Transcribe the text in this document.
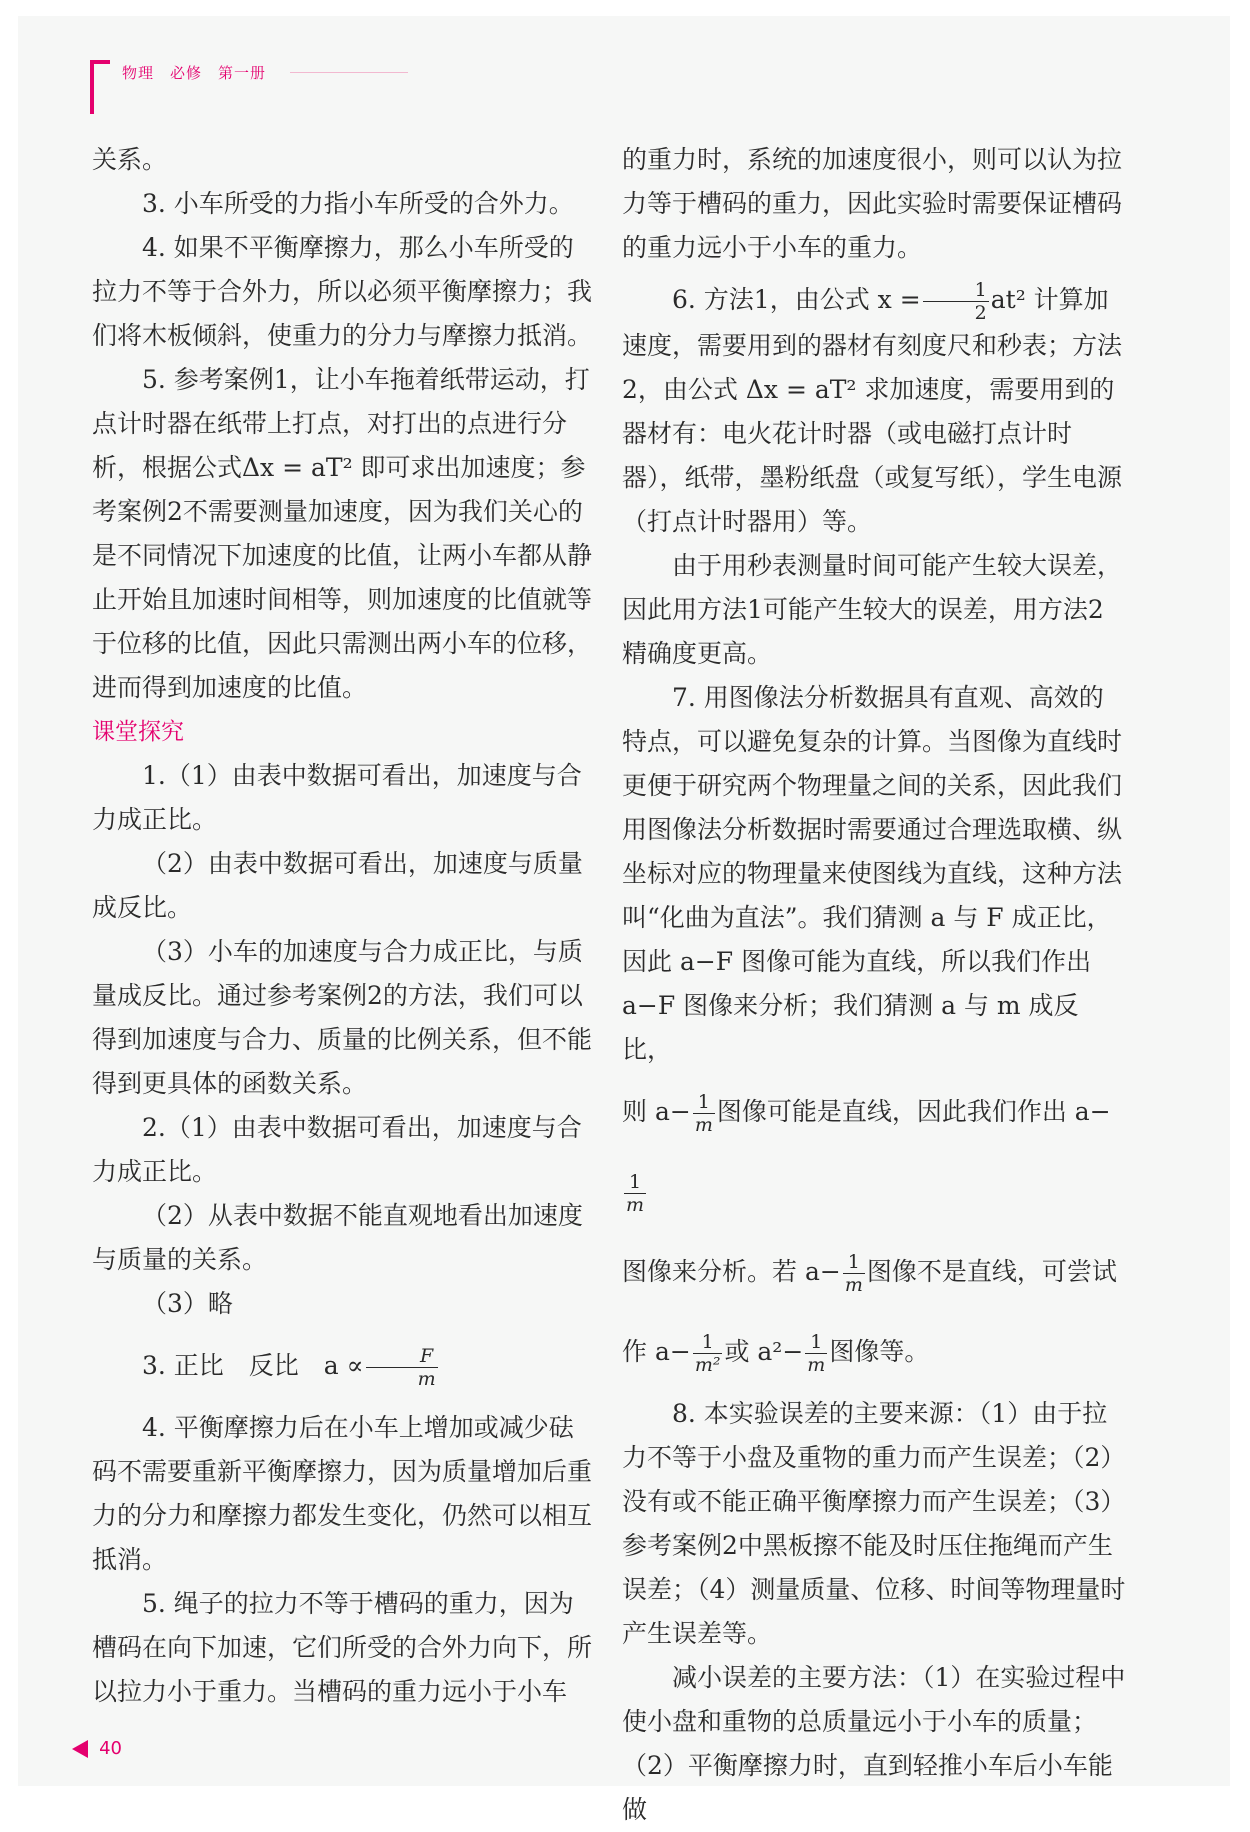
物理　必修　第一册

关系。

3. 小车所受的力指小车所受的合外力。

4. 如果不平衡摩擦力，那么小车所受的拉力不等于合外力，所以必须平衡摩擦力；我们将木板倾斜，使重力的分力与摩擦力抵消。

5. 参考案例1，让小车拖着纸带运动，打点计时器在纸带上打点，对打出的点进行分析，根据公式Δx = aT² 即可求出加速度；参考案例2不需要测量加速度，因为我们关心的是不同情况下加速度的比值，让两小车都从静止开始且加速时间相等，则加速度的比值就等于位移的比值，因此只需测出两小车的位移，进而得到加速度的比值。

课堂探究

1.（1）由表中数据可看出，加速度与合力成正比。

（2）由表中数据可看出，加速度与质量成反比。

（3）小车的加速度与合力成正比，与质量成反比。通过参考案例2的方法，我们可以得到加速度与合力、质量的比例关系，但不能得到更具体的函数关系。

2.（1）由表中数据可看出，加速度与合力成正比。

（2）从表中数据不能直观地看出加速度与质量的关系。

（3）略

3. 正比　反比　$a \propto \frac{F}{m}$

4. 平衡摩擦力后在小车上增加或减少砝码不需要重新平衡摩擦力，因为质量增加后重力的分力和摩擦力都发生变化，仍然可以相互抵消。

5. 绳子的拉力不等于槽码的重力，因为槽码在向下加速，它们所受的合外力向下，所以拉力小于重力。当槽码的重力远小于小车

的重力时，系统的加速度很小，则可以认为拉力等于槽码的重力，因此实验时需要保证槽码的重力远小于小车的重力。

6. 方法1，由公式 $x = \frac{1}{2} at^2$ 计算加速度，需要用到的器材有刻度尺和秒表；方法2，由公式 Δx = aT² 求加速度，需要用到的器材有：电火花计时器（或电磁打点计时器），纸带，墨粉纸盘（或复写纸），学生电源（打点计时器用）等。

由于用秒表测量时间可能产生较大误差，因此用方法1可能产生较大的误差，用方法2精确度更高。

7. 用图像法分析数据具有直观、高效的特点，可以避免复杂的计算。当图像为直线时更便于研究两个物理量之间的关系，因此我们用图像法分析数据时需要通过合理选取横、纵坐标对应的物理量来使图线为直线，这种方法叫“化曲为直法”。我们猜测 a 与 F 成正比，因此 a−F 图像可能为直线，所以我们作出 a−F 图像来分析；我们猜测 a 与 m 成反比，

则 $a- \frac{1}{m}$ 图像可能是直线，因此我们作出 a−
$\frac{1}{m}$

图像来分析。若 $a- \frac{1}{m}$ 图像不是直线，可尝试

作 $a- \frac{1}{\text{m²}}$ 或 $a^2- \frac{1}{m}$ 图像等。

8. 本实验误差的主要来源：（1）由于拉力不等于小盘及重物的重力而产生误差；（2）没有或不能正确平衡摩擦力而产生误差；（3）参考案例2中黑板擦不能及时压住拖绳而产生误差；（4）测量质量、位移、时间等物理量时产生误差等。

减小误差的主要方法：（1）在实验过程中使小盘和重物的总质量远小于小车的质量；（2）平衡摩擦力时，直到轻推小车后小车能做

40
